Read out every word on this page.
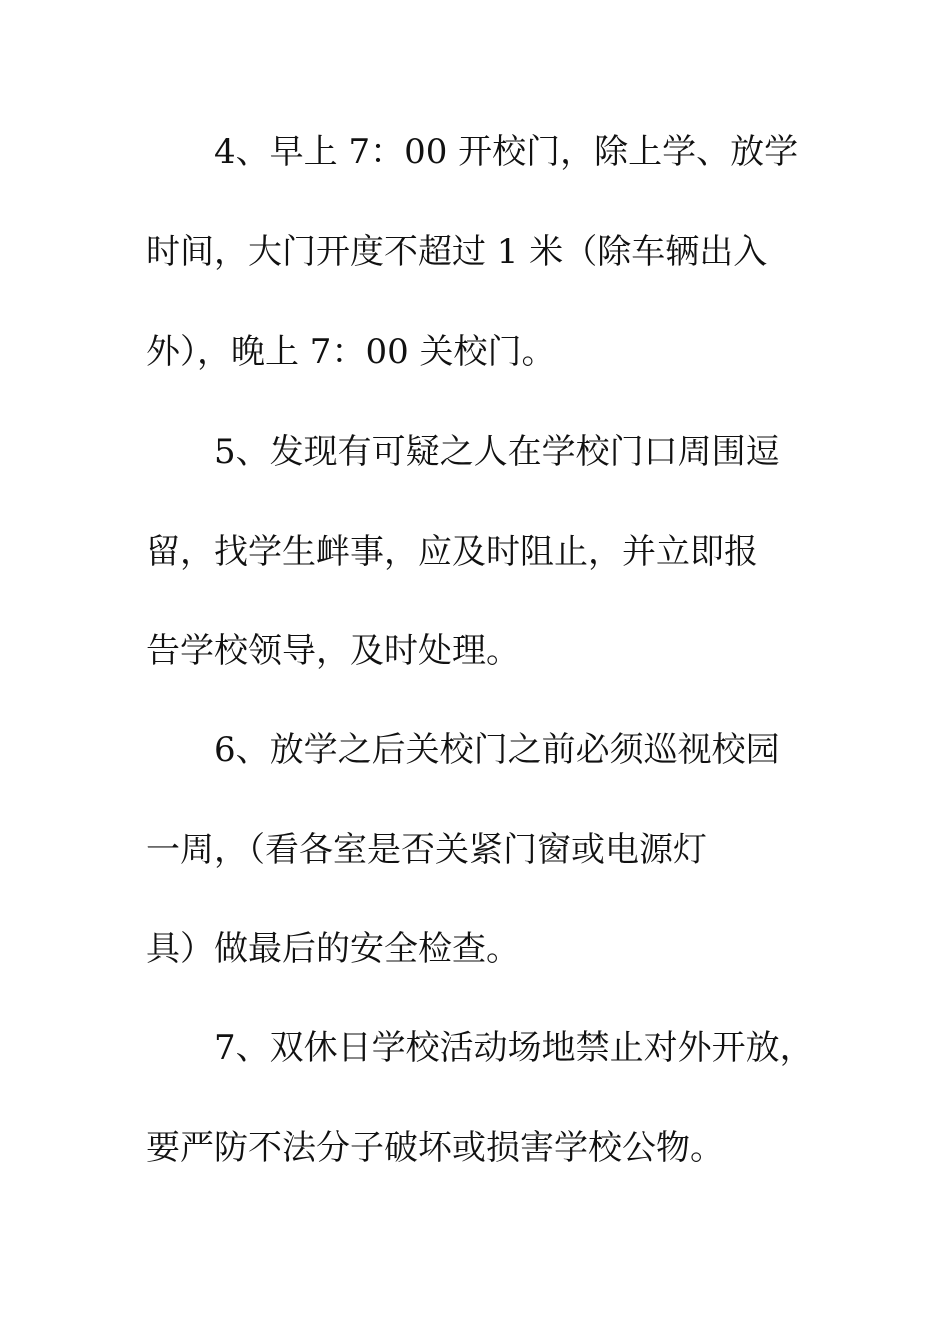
4、早上 7：00 开校门，除上学、放学
时间，大门开度不超过 1 米（除车辆出入
外），晚上 7：00 关校门。
5、发现有可疑之人在学校门口周围逗
留，找学生衅事，应及时阻止，并立即报
告学校领导，及时处理。
6、放学之后关校门之前必须巡视校园
一周，（看各室是否关紧门窗或电源灯
具）做最后的安全检查。
7、双休日学校活动场地禁止对外开放，
要严防不法分子破坏或损害学校公物。
